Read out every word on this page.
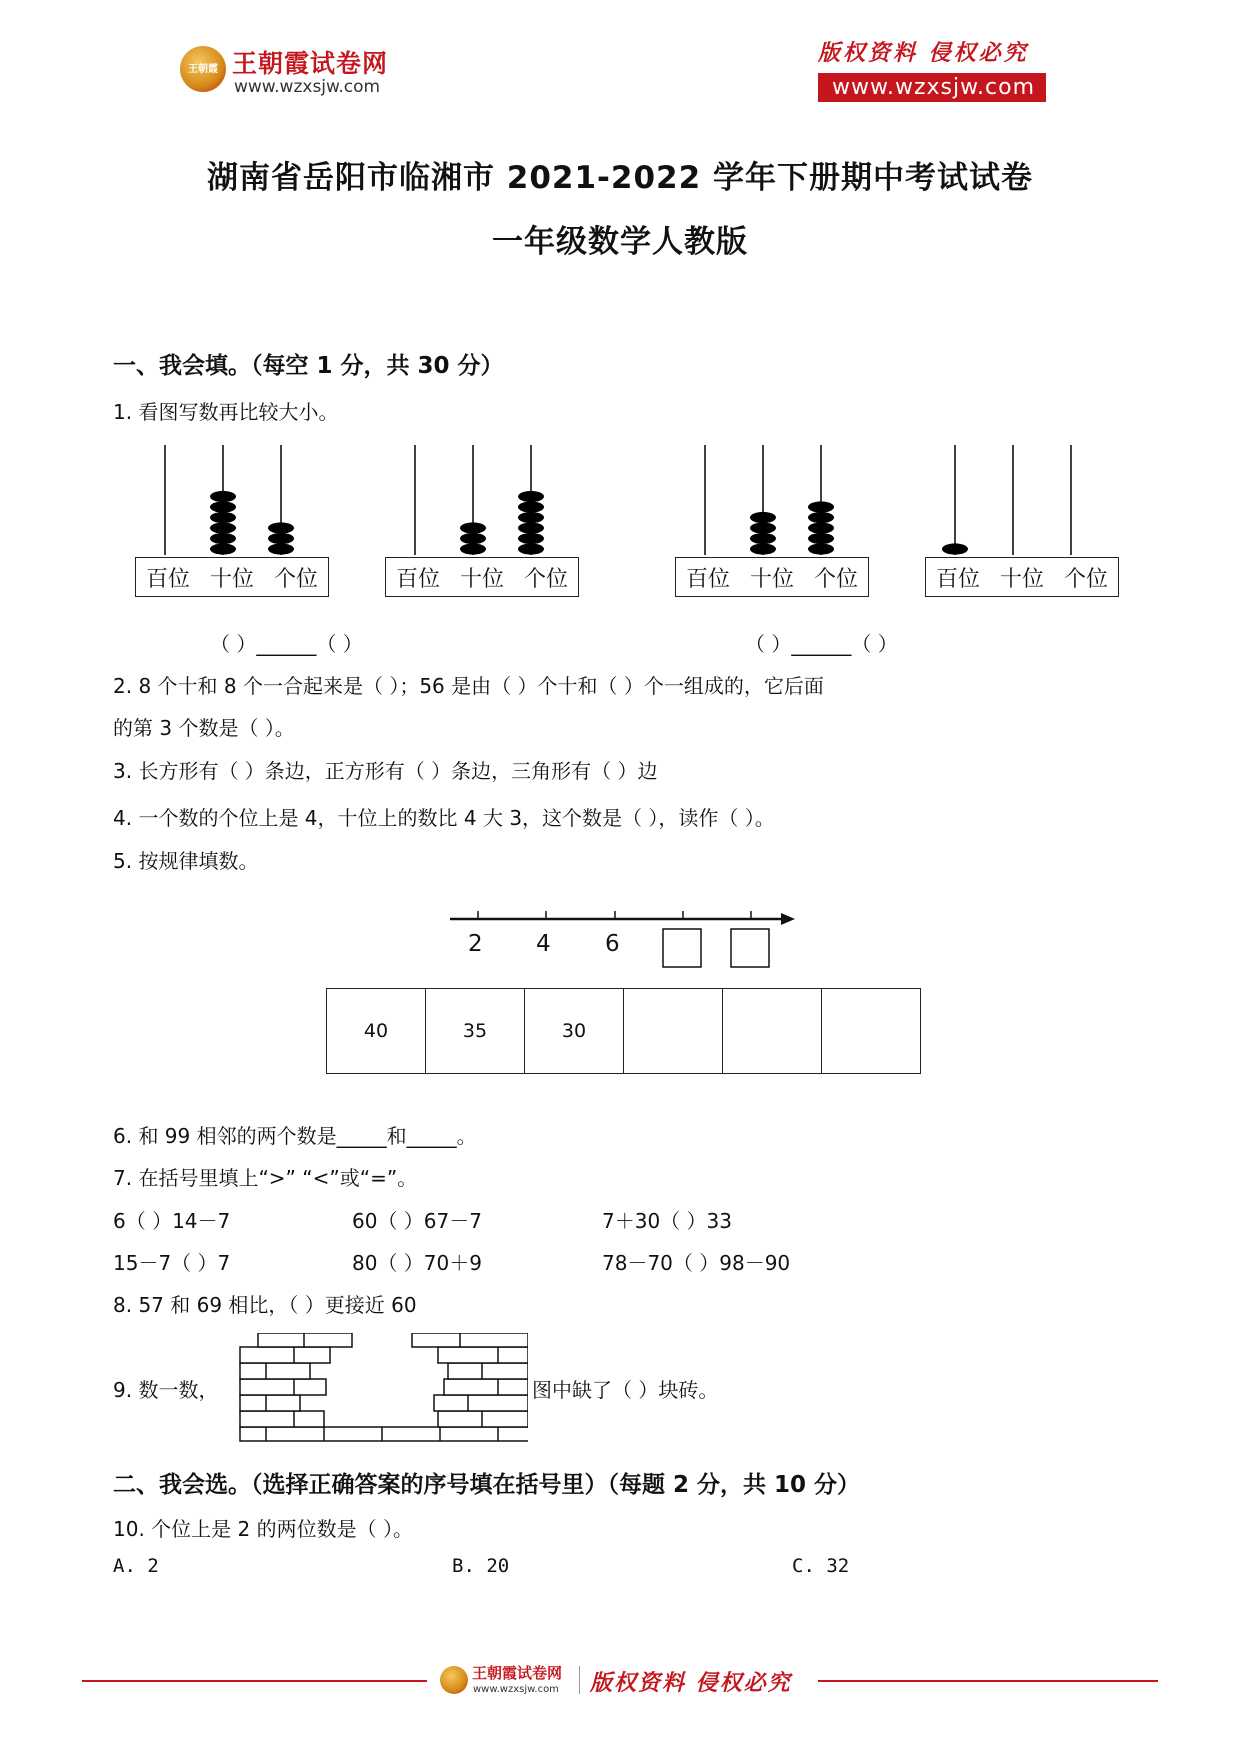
王朝霞 王朝霞试卷网
www.wzxsjw.com
版权资料 侵权必究
www.wzxsjw.com
湖南省岳阳市临湘市 2021-2022 学年下册期中考试试卷
一年级数学人教版
一、我会填。（每空 1 分，共 30 分）
1. 看图写数再比较大小。
百位 十位 个位	百位 十位 个位	百位 十位 个位	百位 十位 个位
（ ）______（ ）	（ ）______（ ）
2. 8 个十和 8 个一合起来是（ ）；56 是由（ ）个十和（ ）个一组成的，它后面
的第 3 个数是（ ）。
3. 长方形有（ ）条边，正方形有（ ）条边，三角形有（ ）边
4. 一个数的个位上是 4，十位上的数比 4 大 3，这个数是（ ），读作（ ）。
5. 按规律填数。
2 4 6
40	35	30			
6. 和 99 相邻的两个数是_____和_____。
7. 在括号里填上“>” “<”或“=”。
6（ ）14－7	60（ ）67－7	7＋30（ ）33
15－7（ ）7	80（ ）70＋9	78－70（ ）98－90
8. 57 和 69 相比，（ ）更接近 60
9. 数一数，	图中缺了（ ）块砖。
二、我会选。（选择正确答案的序号填在括号里）（每题 2 分，共 10 分）
10. 个位上是 2 的两位数是（ ）。
A. 2	B. 20	C. 32
王朝霞试卷网
www.wzxsjw.com 版权资料 侵权必究
